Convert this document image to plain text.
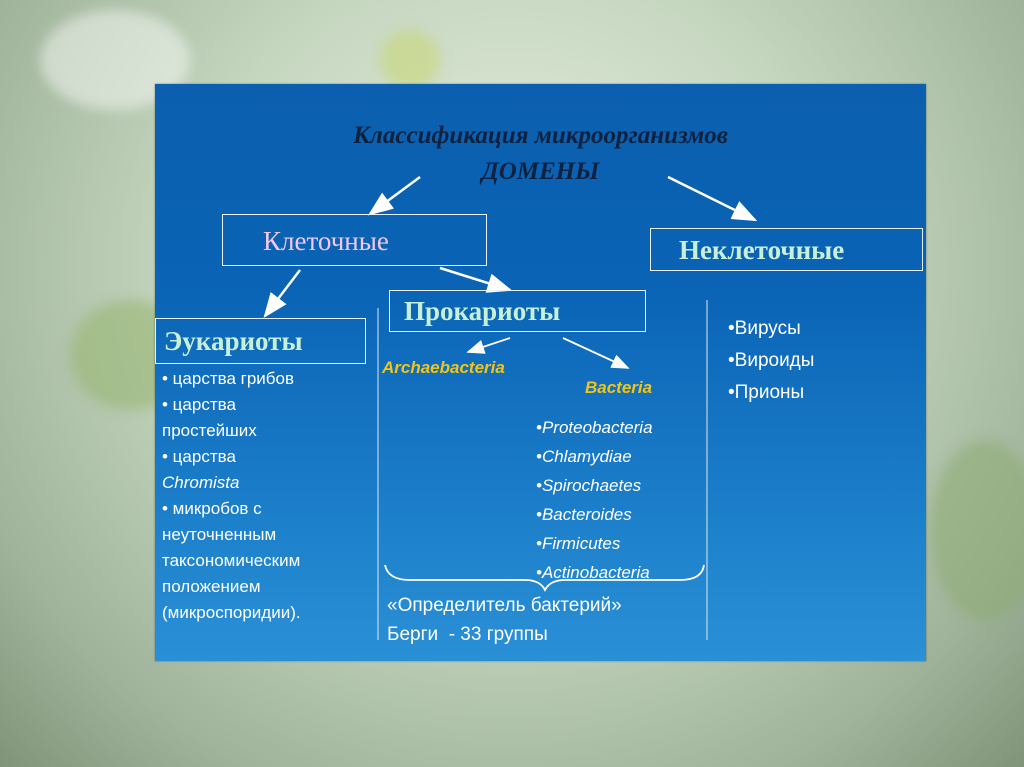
Классификация микроорганизмов
ДОМЕНЫ
Клеточные	Неклеточные
Прокариоты
Эукариоты
Archaebacteria
Bacteria
• царства грибов
• царства
простейших
• царства
Chromista
• микробов с
неуточненным
таксономическим
положением
(микроспоридии).
•Proteobacteria
•Chlamydiae
•Spirochaetes
•Bacteroides
•Firmicutes
•Actinobacteria
«Определитель бактерий»
Берги  - 33 группы
•Вирусы
•Вироиды
•Прионы
